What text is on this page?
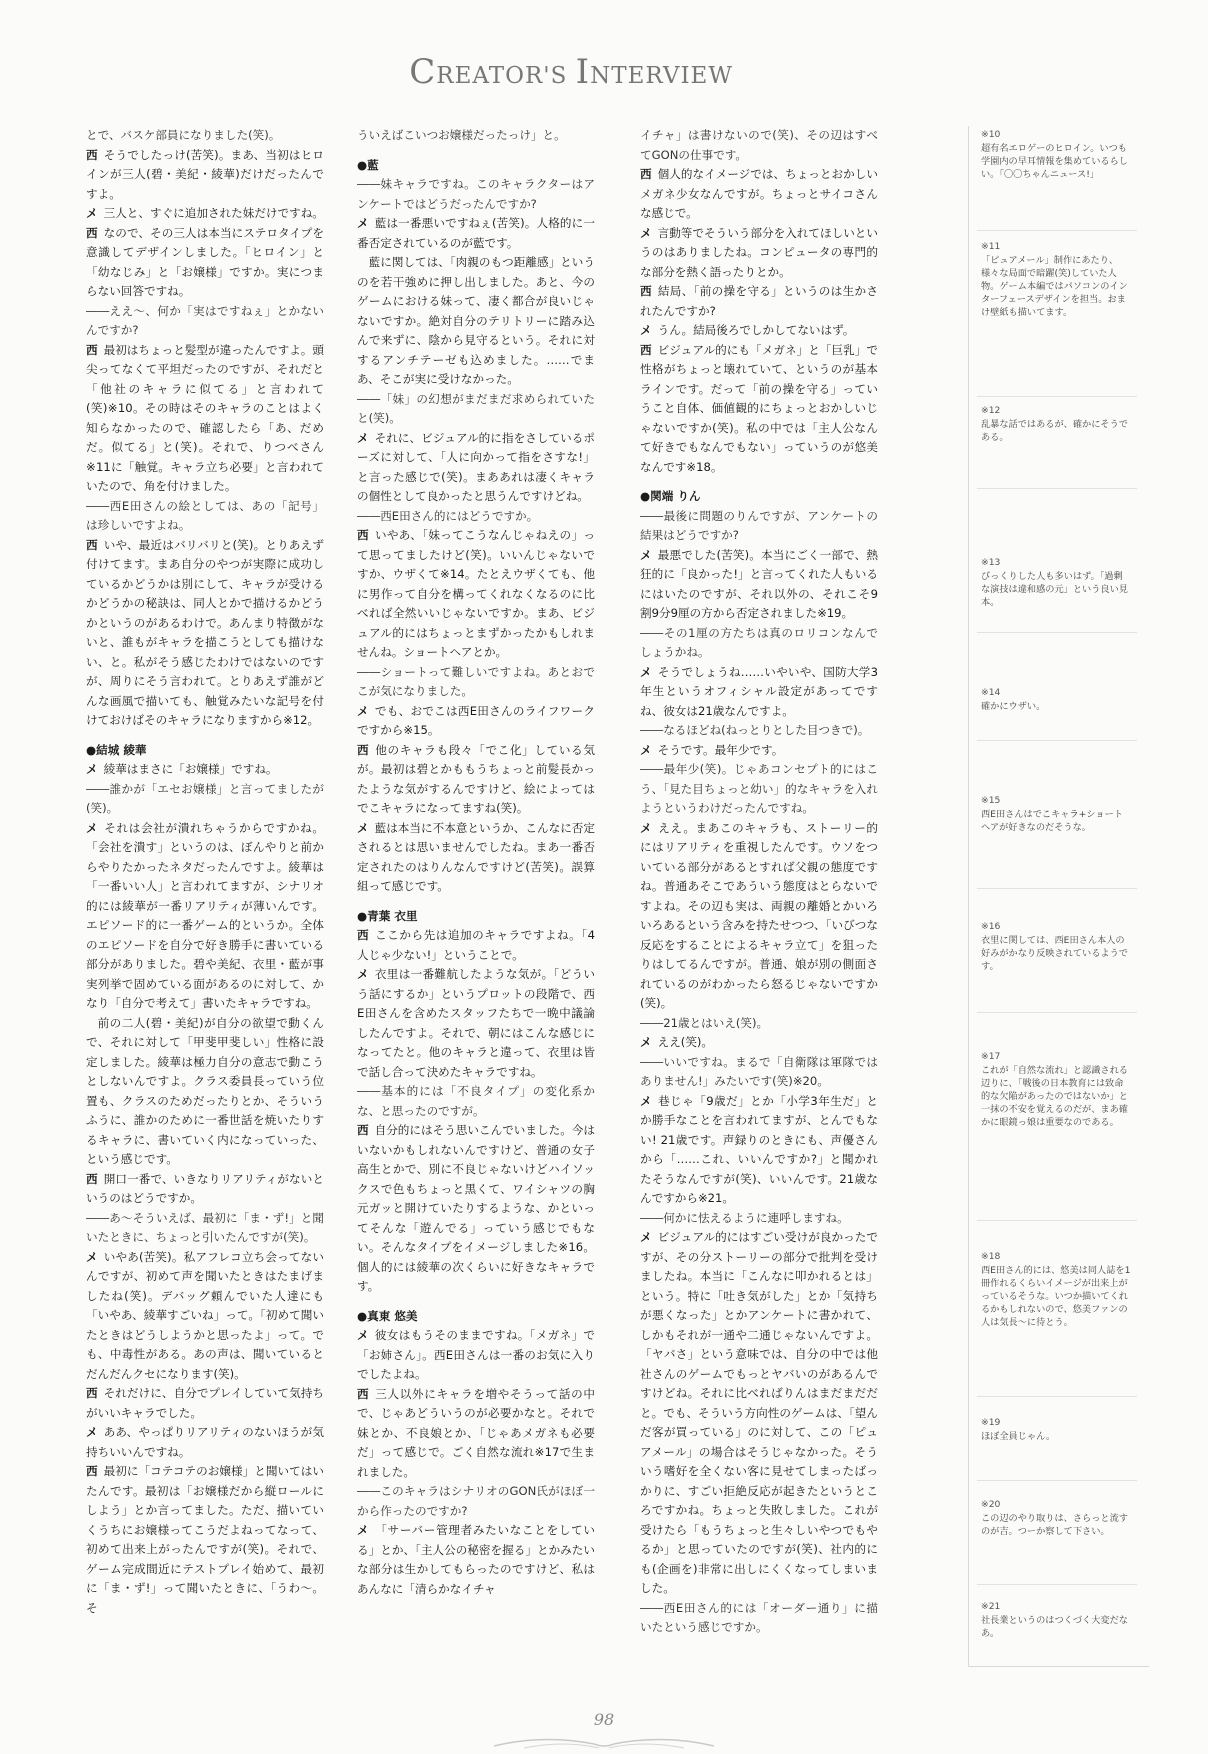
CREATOR'S INTERVIEW

とで、バスケ部員になりました(笑)。

西 そうでしたっけ(苦笑)。まあ、当初はヒロインが三人(碧・美紀・綾華)だけだったんですよ。

メ 三人と、すぐに追加された妹だけですね。

西 なので、その三人は本当にステロタイプを意識してデザインしました。「ヒロイン」と「幼なじみ」と「お嬢様」ですか。実につまらない回答ですね。

――ええ～、何か「実はですねぇ」とかないんですか?

西 最初はちょっと髪型が違ったんですよ。頭尖ってなくて平坦だったのですが、それだと「他社のキャラに似てる」と言われて(笑)※10。その時はそのキャラのことはよく知らなかったので、確認したら「あ、だめだ。似てる」と(笑)。それで、りつべさん※11に「触覚。キャラ立ち必要」と言われていたので、角を付けました。

――西E田さんの絵としては、あの「記号」は珍しいですよね。

西 いや、最近はバリバリと(笑)。とりあえず付けてます。まあ自分のやつが実際に成功しているかどうかは別にして、キャラが受けるかどうかの秘訣は、同人とかで描けるかどうかというのがあるわけで。あんまり特徴がないと、誰もがキャラを描こうとしても描けない、と。私がそう感じたわけではないのですが、周りにそう言われて。とりあえず誰がどんな画風で描いても、触覚みたいな記号を付けておけばそのキャラになりますから※12。

●結城 綾華

メ 綾華はまさに「お嬢様」ですね。

――誰かが「エセお嬢様」と言ってましたが(笑)。

メ それは会社が潰れちゃうからですかね。「会社を潰す」というのは、ぼんやりと前からやりたかったネタだったんですよ。綾華は「一番いい人」と言われてますが、シナリオ的には綾華が一番リアリティが薄いんです。エピソード的に一番ゲーム的というか。全体のエピソードを自分で好き勝手に書いている部分がありました。碧や美紀、衣里・藍が事実列挙で固めている面があるのに対して、かなり「自分で考えて」書いたキャラですね。

前の二人(碧・美紀)が自分の欲望で動くんで、それに対して「甲斐甲斐しい」性格に設定しました。綾華は極力自分の意志で動こうとしないんですよ。クラス委員長っていう位置も、クラスのためだったりとか、そういうふうに、誰かのために一番世話を焼いたりするキャラに、書いていく内になっていった、という感じです。

西 開口一番で、いきなりリアリティがないというのはどうですか。

――あ～そういえば、最初に「ま・ず!」と聞いたときに、ちょっと引いたんですが(笑)。

メ いやあ(苦笑)。私アフレコ立ち会ってないんですが、初めて声を聞いたときはたまげましたね(笑)。デバッグ頼んでいた人達にも「いやあ、綾華すごいね」って。「初めて聞いたときはどうしようかと思ったよ」って。でも、中毒性がある。あの声は、聞いているとだんだんクセになります(笑)。

西 それだけに、自分でプレイしていて気持ちがいいキャラでした。

メ ああ、やっぱりリアリティのないほうが気持ちいいんですね。

西 最初に「コテコテのお嬢様」と聞いてはいたんです。最初は「お嬢様だから縦ロールにしよう」とか言ってました。ただ、描いていくうちにお嬢様ってこうだよねってなって、初めて出来上がったんですが(笑)。それで、ゲーム完成間近にテストプレイ始めて、最初に「ま・ず!」って聞いたときに、「うわ～。そ

ういえばこいつお嬢様だったっけ」と。

●藍

――妹キャラですね。このキャラクターはアンケートではどうだったんですか?

メ 藍は一番悪いですねぇ(苦笑)。人格的に一番否定されているのが藍です。

藍に関しては、「肉親のもつ距離感」というのを若干強めに押し出しました。あと、今のゲームにおける妹って、凄く都合が良いじゃないですか。絶対自分のテリトリーに踏み込んで来ずに、陰から見守るという。それに対するアンチテーゼも込めました。……でまあ、そこが実に受けなかった。

――「妹」の幻想がまだまだ求められていたと(笑)。

メ それに、ビジュアル的に指をさしているポーズに対して、「人に向かって指をさすな!」と言った感じで(笑)。まああれは凄くキャラの個性として良かったと思うんですけどね。

――西E田さん的にはどうですか。

西 いやあ、「妹ってこうなんじゃねえの」って思ってましたけど(笑)。いいんじゃないですか、ウザくて※14。たとえウザくても、他に男作って自分を構ってくれなくなるのに比べれば全然いいじゃないですか。まあ、ビジュアル的にはちょっとまずかったかもしれませんね。ショートヘアとか。

――ショートって難しいですよね。あとおでこが気になりました。

メ でも、おでこは西E田さんのライフワークですから※15。

西 他のキャラも段々「でこ化」している気が。最初は碧とかももうちょっと前髪長かったような気がするんですけど、絵によってはでこキャラになってますね(笑)。

メ 藍は本当に不本意というか、こんなに否定されるとは思いませんでしたね。まあ一番否定されたのはりんなんですけど(苦笑)。誤算組って感じです。

●青葉 衣里

西 ここから先は追加のキャラですよね。「4人じゃ少ない!」ということで。

メ 衣里は一番難航したような気が。「どういう話にするか」というプロットの段階で、西E田さんを含めたスタッフたちで一晩中議論したんですよ。それで、朝にはこんな感じになってたと。他のキャラと違って、衣里は皆で話し合って決めたキャラですね。

――基本的には「不良タイプ」の変化系かな、と思ったのですが。

西 自分的にはそう思いこんでいました。今はいないかもしれないんですけど、普通の女子高生とかで、別に不良じゃないけどハイソックスで色もちょっと黒くて、ワイシャツの胸元ガッと開けていたりするような、かといってそんな「遊んでる」っていう感じでもない。そんなタイプをイメージしました※16。個人的には綾華の次くらいに好きなキャラです。

●真東 悠美

メ 彼女はもうそのままですね。「メガネ」で「お姉さん」。西E田さんは一番のお気に入りでしたよね。

西 三人以外にキャラを増やそうって話の中で、じゃあどういうのが必要かなと。それで妹とか、不良娘とか、「じゃあメガネも必要だ」って感じで。ごく自然な流れ※17で生まれました。

――このキャラはシナリオのGON氏がほぼ一から作ったのですか?

メ 「サーバー管理者みたいなことをしている」とか、「主人公の秘密を握る」とかみたいな部分は生かしてもらったのですけど、私はあんなに「清らかなイチャ

イチャ」は書けないので(笑)、その辺はすべてGONの仕事です。

西 個人的なイメージでは、ちょっとおかしいメガネ少女なんですが。ちょっとサイコさんな感じで。

メ 言動等でそういう部分を入れてほしいというのはありましたね。コンピュータの専門的な部分を熱く語ったりとか。

西 結局、「前の操を守る」というのは生かされたんですか?

メ うん。結局後ろでしかしてないはず。

西 ビジュアル的にも「メガネ」と「巨乳」で性格がちょっと壊れていて、というのが基本ラインです。だって「前の操を守る」っていうこと自体、価値観的にちょっとおかしいじゃないですか(笑)。私の中では「主人公なんて好きでもなんでもない」っていうのが悠美なんです※18。

●関端 りん

――最後に問題のりんですが、アンケートの結果はどうですか?

メ 最悪でした(苦笑)。本当にごく一部で、熱狂的に「良かった!」と言ってくれた人もいるにはいたのですが、それ以外の、それこそ9割9分9厘の方から否定されました※19。

――その1厘の方たちは真のロリコンなんでしょうかね。

メ そうでしょうね……いやいや、国防大学3年生というオフィシャル設定があってですね、彼女は21歳なんですよ。

――なるほどね(ねっとりとした目つきで)。

メ そうです。最年少です。

――最年少(笑)。じゃあコンセプト的にはこう、「見た目ちょっと幼い」的なキャラを入れようというわけだったんですね。

メ ええ。まあこのキャラも、ストーリー的にはリアリティを重視したんです。ウソをついている部分があるとすれば父親の態度ですね。普通あそこであういう態度はとらないですよね。その辺も実は、両親の離婚とかいろいろあるという含みを持たせつつ、「いびつな反応をすることによるキャラ立て」を狙ったりはしてるんですが。普通、娘が別の側面されているのがわかったら怒るじゃないですか(笑)。

――21歳とはいえ(笑)。

メ ええ(笑)。

――いいですね。まるで「自衛隊は軍隊ではありません!」みたいです(笑)※20。

メ 巷じゃ「9歳だ」とか「小学3年生だ」とか勝手なことを言われてますが、とんでもない! 21歳です。声録りのときにも、声優さんから「……これ、いいんですか?」と聞かれたそうなんですが(笑)、いいんです。21歳なんですから※21。

――何かに怯えるように連呼しますね。

メ ビジュアル的にはすごい受けが良かったですが、その分ストーリーの部分で批判を受けましたね。本当に「こんなに叩かれるとは」という。特に「吐き気がした」とか「気持ちが悪くなった」とかアンケートに書かれて、しかもそれが一通や二通じゃないんですよ。「ヤバさ」という意味では、自分の中では他社さんのゲームでもっとヤバいのがあるんですけどね。それに比べればりんはまだまだだと。でも、そういう方向性のゲームは、「望んだ客が買っている」のに対して、この「ピュアメール」の場合はそうじゃなかった。そういう嗜好を全くない客に見せてしまったばっかりに、すごい拒絶反応が起きたというところですかね。ちょっと失敗しました。これが受けたら「もうちょっと生々しいやつでもやるか」と思っていたのですが(笑)、社内的にも(企画を)非常に出しにくくなってしまいました。

――西E田さん的には「オーダー通り」に描いたという感じですか。

※10
超有名エロゲーのヒロイン。いつも学園内の早耳情報を集めているらしい。「〇〇ちゃんニュース!」
※11
「ピュアメール」制作にあたり、様々な局面で暗躍(笑)していた人物。ゲーム本編ではパソコンのインターフェースデザインを担当。おまけ壁紙も描いてます。
※12
乱暴な話ではあるが、確かにそうである。
※13
びっくりした人も多いはず。「過剰な演技は違和感の元」という良い見本。
※14
確かにウザい。
※15
西E田さんはでこキャラ+ショートヘアが好きなのだそうな。
※16
衣里に関しては、西E田さん本人の好みがかなり反映されているようです。
※17
これが「自然な流れ」と認識される辺りに、「戦後の日本教育には致命的な欠陥があったのではないか」と一抹の不安を覚えるのだが、まあ確かに眼鏡っ娘は重要なのである。
※18
西E田さん的には、悠美は同人誌を1冊作れるくらいイメージが出来上がっているそうな。いつか描いてくれるかもしれないので、悠美ファンの人は気長～に待とう。
※19
ほぼ全員じゃん。
※20
この辺のやり取りは、さらっと流すのが吉。つーか察して下さい。
※21
社長業というのはつくづく大変だなあ。
98
